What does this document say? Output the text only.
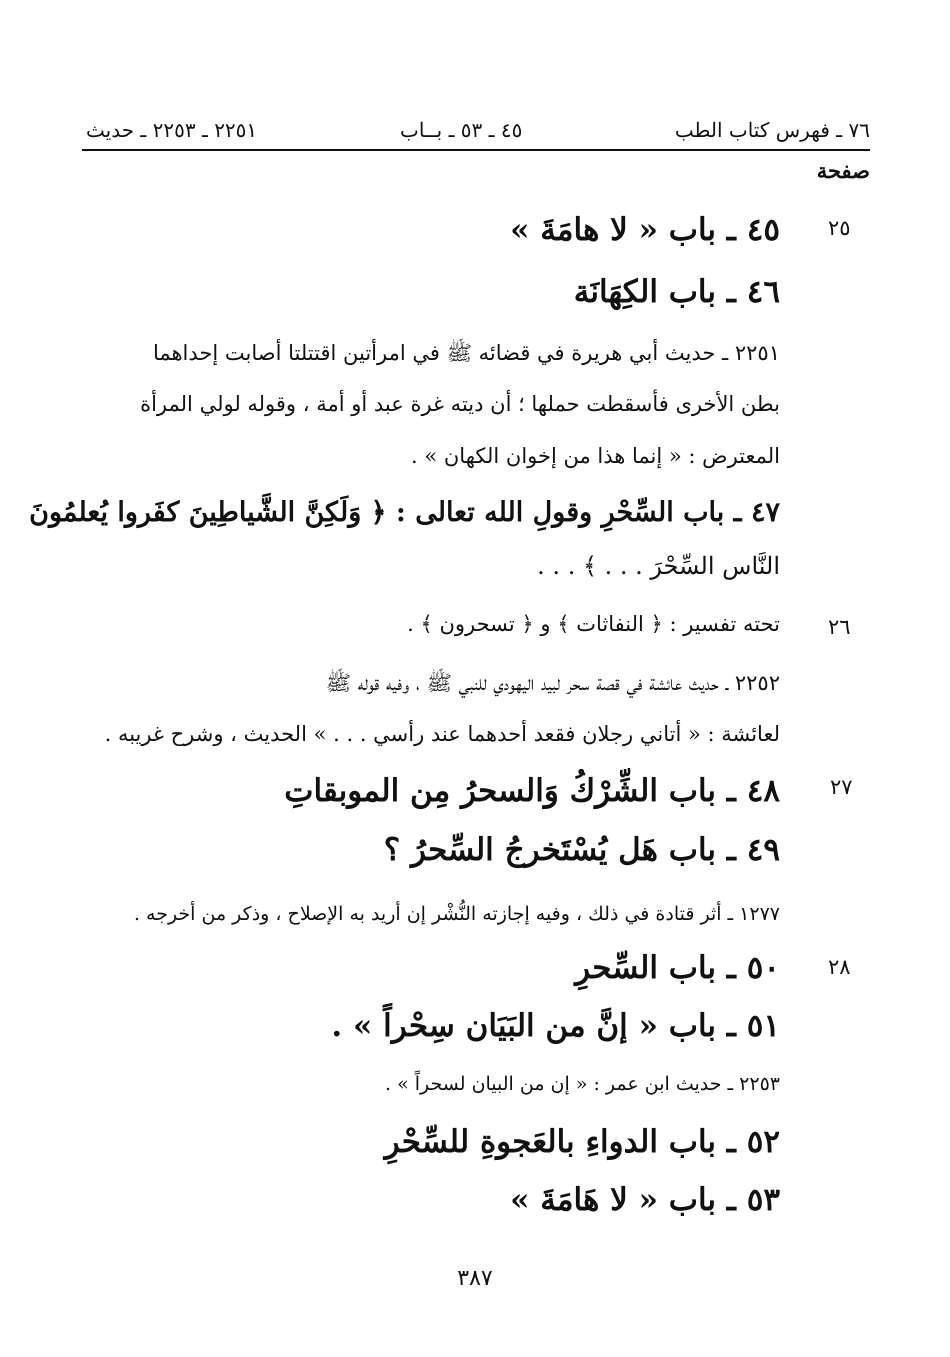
٧٦ ـ فهرس كتاب الطب
٤٥ ـ ٥٣ ـ بــاب
٢٢٥١ ـ ٢٢٥٣ ـ حديث
صفحة
٢٥
٢٦
٢٧
٢٨
٤٥ ـ باب « لا هامَةَ »
٤٦ ـ باب الكِهَانَة
٢٢٥١ ـ حديث أبي هريرة في قضائه ﷺ في امرأتين اقتتلتا أصابت إحداهما
بطن الأخرى فأسقطت حملها ؛ أن ديته غرة عبد أو أمة ، وقوله لولي المرأة
المعترض : « إنما هذا من إخوان الكهان » .
٤٧ ـ باب السِّحْرِ وقولِ الله تعالى : ﴿ وَلَكِنَّ الشَّياطِينَ كفَروا يُعلمُونَ
النَّاس السِّحْرَ . . . ﴾ . . .
تحته تفسير : ﴿ النفاثات ﴾ و ﴿ تسحرون ﴾ .
٢٢٥٢ ـ حديث عائشة في قصة سحر لبيد اليهودي للنبي ﷺ ، وفيه قوله ﷺ
لعائشة : « أتاني رجلان فقعد أحدهما عند رأسي . . . » الحديث ، وشرح غريبه .
٤٨ ـ باب الشِّرْكُ وَالسحرُ مِن الموبقاتِ
٤٩ ـ باب هَل يُسْتَخرجُ السِّحرُ ؟
١٢٧٧ ـ أثر قتادة في ذلك ، وفيه إجازته النُّشْر إن أريد به الإصلاح ، وذكر من أخرجه .
٥٠ ـ باب السِّحرِ
٥١ ـ باب « إنَّ من البَيَان سِحْراً » .
٢٢٥٣ ـ حديث ابن عمر : « إن من البيان لسحراً » .
٥٢ ـ باب الدواءِ بالعَجوةِ للسِّحْرِ
٥٣ ـ باب « لا هَامَةَ »
٣٨٧
